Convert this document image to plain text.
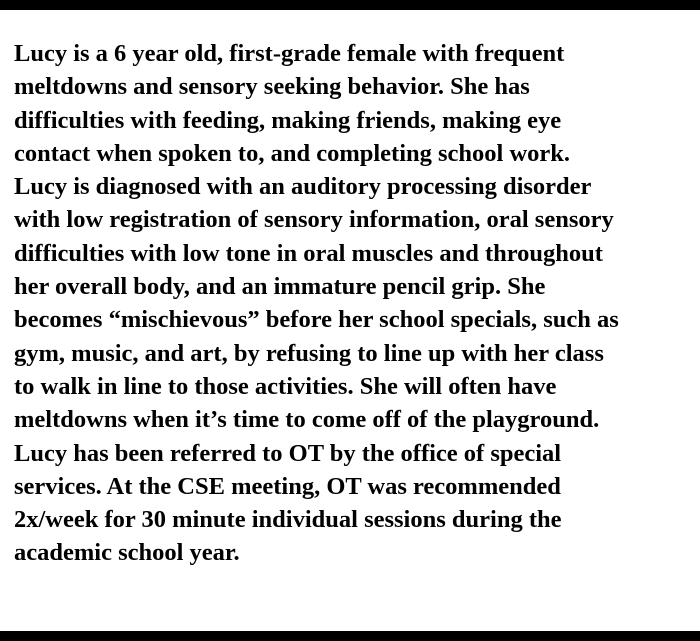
Lucy is a 6 year old, first-grade female with frequent
meltdowns and sensory seeking behavior. She has
difficulties with feeding, making friends, making eye
contact when spoken to, and completing school work.
Lucy is diagnosed with an auditory processing disorder
with low registration of sensory information, oral sensory
difficulties with low tone in oral muscles and throughout
her overall body, and an immature pencil grip. She
becomes “mischievous” before her school specials, such as
gym, music, and art, by refusing to line up with her class
to walk in line to those activities. She will often have
meltdowns when it’s time to come off of the playground.
Lucy has been referred to OT by the office of special
services. At the CSE meeting, OT was recommended
2x/week for 30 minute individual sessions during the
academic school year.
